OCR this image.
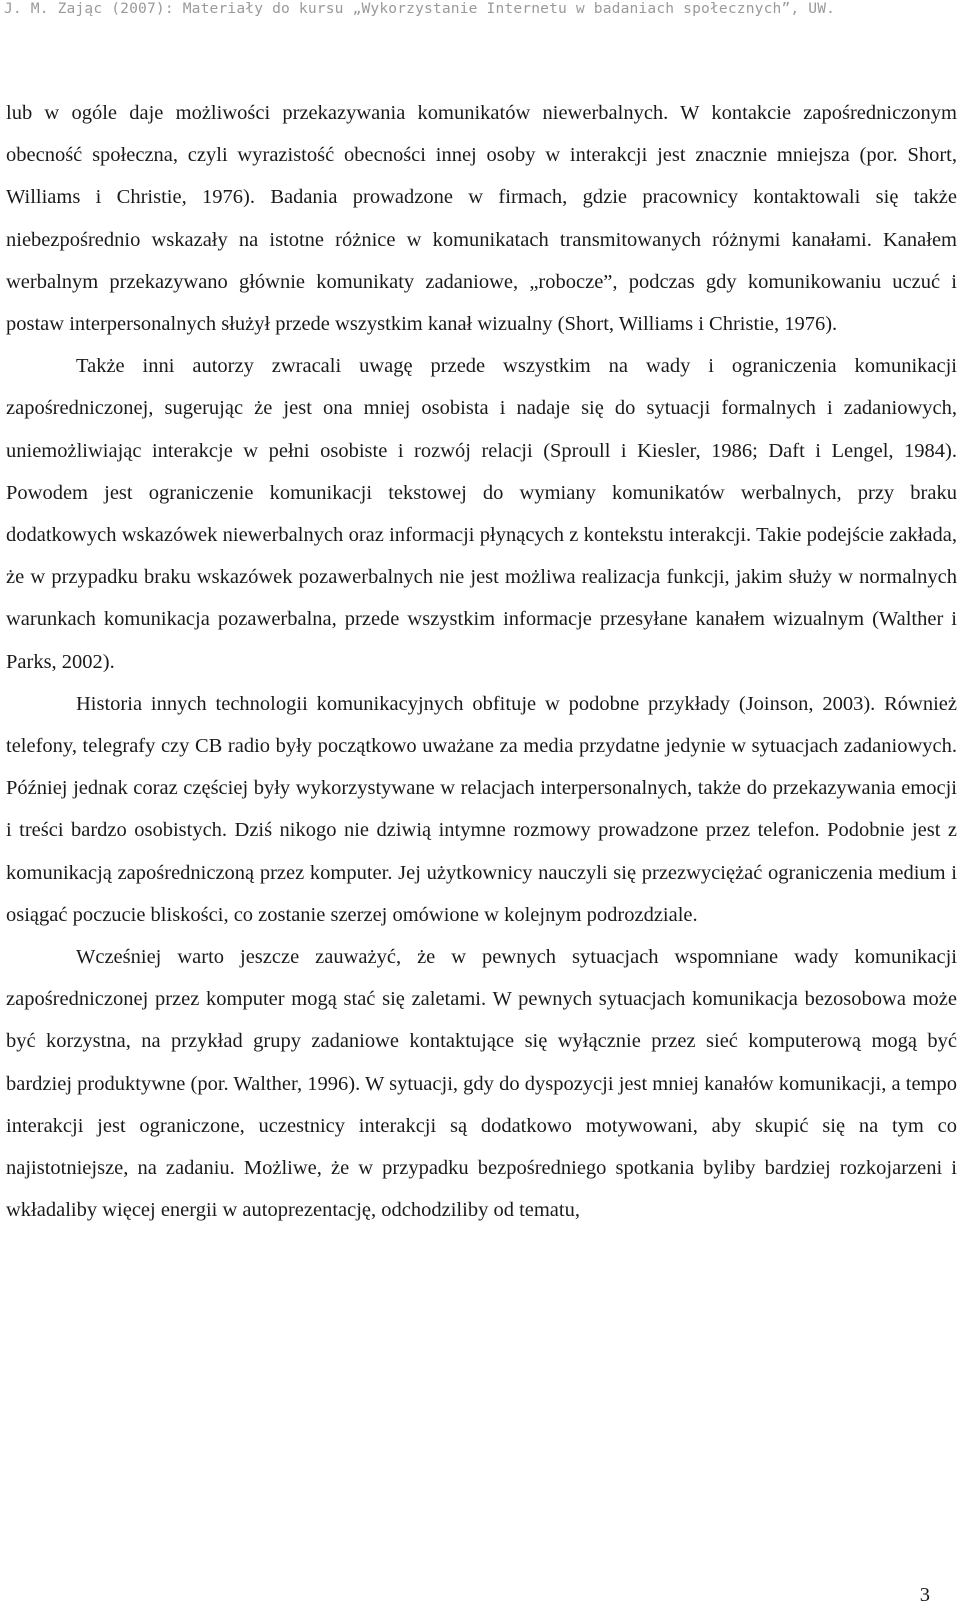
J. M. Zając (2007): Materiały do kursu „Wykorzystanie Internetu w badaniach społecznych”, UW.

lub w ogóle daje możliwości przekazywania komunikatów niewerbalnych. W kontakcie zapośredniczonym obecność społeczna, czyli wyrazistość obecności innej osoby w interakcji jest znacznie mniejsza (por. Short, Williams i Christie, 1976). Badania prowadzone w firmach, gdzie pracownicy kontaktowali się także niebezpośrednio wskazały na istotne różnice w komunikatach transmitowanych różnymi kanałami. Kanałem werbalnym przekazywano głównie komunikaty zadaniowe, „robocze”, podczas gdy komunikowaniu uczuć i postaw interpersonalnych służył przede wszystkim kanał wizualny (Short, Williams i Christie, 1976).

Także inni autorzy zwracali uwagę przede wszystkim na wady i ograniczenia komunikacji zapośredniczonej, sugerując że jest ona mniej osobista i nadaje się do sytuacji formalnych i zadaniowych, uniemożliwiając interakcje w pełni osobiste i rozwój relacji (Sproull i Kiesler, 1986; Daft i Lengel, 1984). Powodem jest ograniczenie komunikacji tekstowej do wymiany komunikatów werbalnych, przy braku dodatkowych wskazówek niewerbalnych oraz informacji płynących z kontekstu interakcji. Takie podejście zakłada, że w przypadku braku wskazówek pozawerbalnych nie jest możliwa realizacja funkcji, jakim służy w normalnych warunkach komunikacja pozawerbalna, przede wszystkim informacje przesyłane kanałem wizualnym (Walther i Parks, 2002).

Historia innych technologii komunikacyjnych obfituje w podobne przykłady (Joinson, 2003). Również telefony, telegrafy czy CB radio były początkowo uważane za media przydatne jedynie w sytuacjach zadaniowych. Później jednak coraz częściej były wykorzystywane w relacjach interpersonalnych, także do przekazywania emocji i treści bardzo osobistych. Dziś nikogo nie dziwią intymne rozmowy prowadzone przez telefon. Podobnie jest z komunikacją zapośredniczoną przez komputer. Jej użytkownicy nauczyli się przezwyciężać ograniczenia medium i osiągać poczucie bliskości, co zostanie szerzej omówione w kolejnym podrozdziale.

Wcześniej warto jeszcze zauważyć, że w pewnych sytuacjach wspomniane wady komunikacji zapośredniczonej przez komputer mogą stać się zaletami. W pewnych sytuacjach komunikacja bezosobowa może być korzystna, na przykład grupy zadaniowe kontaktujące się wyłącznie przez sieć komputerową mogą być bardziej produktywne (por. Walther, 1996). W sytuacji, gdy do dyspozycji jest mniej kanałów komunikacji, a tempo interakcji jest ograniczone, uczestnicy interakcji są dodatkowo motywowani, aby skupić się na tym co najistotniejsze, na zadaniu. Możliwe, że w przypadku bezpośredniego spotkania byliby bardziej rozkojarzeni i wkładaliby więcej energii w autoprezentację, odchodziliby od tematu,

3
